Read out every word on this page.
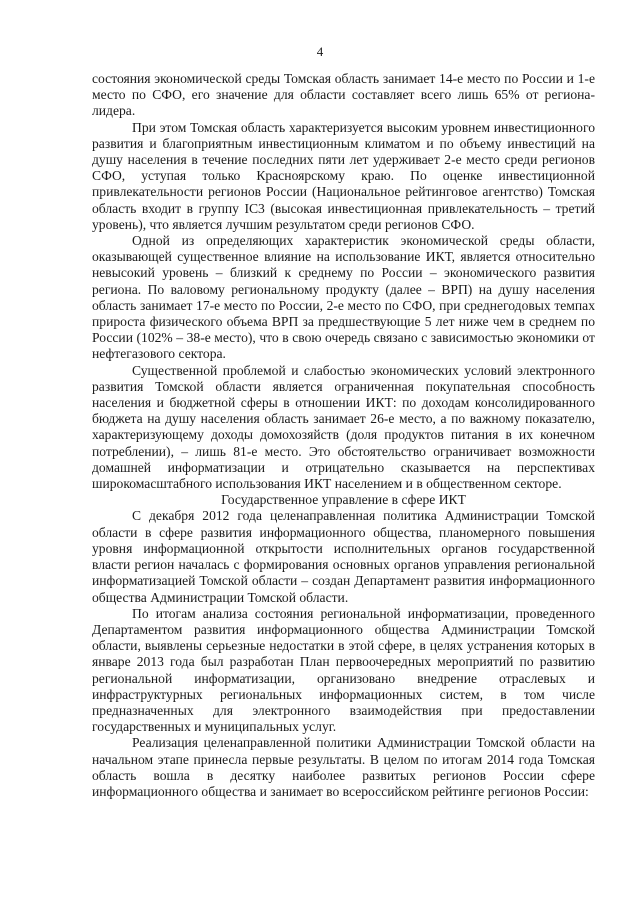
4

состояния экономической среды Томская область занимает 14-е место по России и 1-е место по СФО, его значение для области составляет всего лишь 65% от региона-лидера.

При этом Томская область характеризуется высоким уровнем инвестиционного развития и благоприятным инвестиционным климатом и по объему инвестиций на душу населения в течение последних пяти лет удерживает 2-е место среди регионов СФО, уступая только Красноярскому краю. По оценке инвестиционной привлекательности регионов России (Национальное рейтинговое агентство) Томская область входит в группу IC3 (высокая инвестиционная привлекательность – третий уровень), что является лучшим результатом среди регионов СФО.

Одной из определяющих характеристик экономической среды области, оказывающей существенное влияние на использование ИКТ, является относительно невысокий уровень – близкий к среднему по России – экономического развития региона. По валовому региональному продукту (далее – ВРП) на душу населения область занимает 17-е место по России, 2-е место по СФО, при среднегодовых темпах прироста физического объема ВРП за предшествующие 5 лет ниже чем в среднем по России (102% – 38-е место), что в свою очередь связано с зависимостью экономики от нефтегазового сектора.

Существенной проблемой и слабостью экономических условий электронного развития Томской области является ограниченная покупательная способность населения и бюджетной сферы в отношении ИКТ: по доходам консолидированного бюджета на душу населения область занимает 26-е место, а по важному показателю, характеризующему доходы домохозяйств (доля продуктов питания в их конечном потреблении), – лишь 81-е место. Это обстоятельство ограничивает возможности домашней информатизации и отрицательно сказывается на перспективах широкомасштабного использования ИКТ населением и в общественном секторе.

Государственное управление в сфере ИКТ

С декабря 2012 года целенаправленная политика Администрации Томской области в сфере развития информационного общества, планомерного повышения уровня информационной открытости исполнительных органов государственной власти регион началась с формирования основных органов управления региональной информатизацией Томской области – создан Департамент развития информационного общества Администрации Томской области.

По итогам анализа состояния региональной информатизации, проведенного Департаментом развития информационного общества Администрации Томской области, выявлены серьезные недостатки в этой сфере, в целях устранения которых в январе 2013 года был разработан План первоочередных мероприятий по развитию региональной информатизации, организовано внедрение отраслевых и инфраструктурных региональных информационных систем, в том числе предназначенных для электронного взаимодействия при предоставлении государственных и муниципальных услуг.

Реализация целенаправленной политики Администрации Томской области на начальном этапе принесла первые результаты. В целом по итогам 2014 года Томская область вошла в десятку наиболее развитых регионов России сфере информационного общества и занимает во всероссийском рейтинге регионов России:
